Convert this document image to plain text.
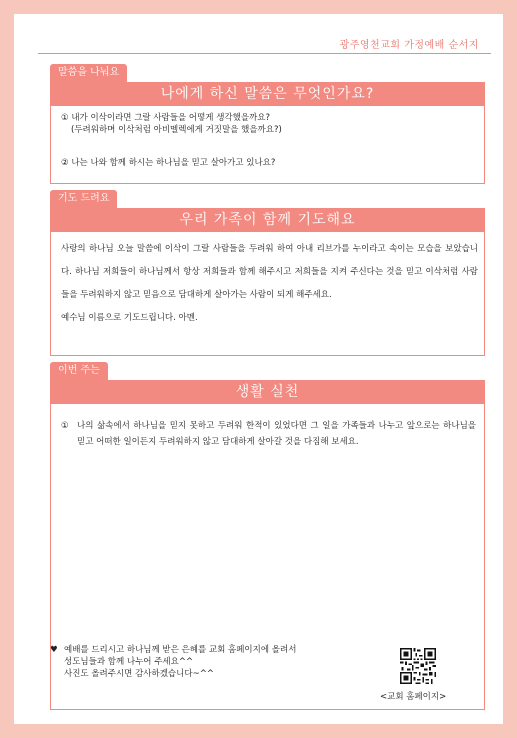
광주영천교회 가정예배 순서지
말씀을 나눠요
나에게 하신 말씀은 무엇인가요?
① 내가 이삭이라면 그랄 사람들을 어떻게 생각했을까요?
(두려워하며 이삭처럼 아비멜렉에게 거짓말을 했을까요?)
② 나는 나와 함께 하시는 하나님을 믿고 살아가고 있나요?
기도 드려요
우리 가족이 함께 기도해요
사랑의 하나님 오늘 말씀에 이삭이 그랄 사람들을 두려워 하여 아내 리브가를 누이라고 속이는 모습을 보았습니다. 하나님 저희들이 하나님께서 항상 저희들과 함께 해주시고 저희들을 지켜 주신다는 것을 믿고 이삭처럼 사람들을 두려워하지 않고 믿음으로 담대하게 살아가는 사람이 되게 해주세요.
예수님 이름으로 기도드립니다. 아멘.
이번 주는
생활 실천
① 나의 삶속에서 하나님을 믿지 못하고 두려워 한적이 있었다면 그 일을 가족들과 나누고 앞으로는 하나님을 믿고 어떠한 일이든지 두려워하지 않고 담대하게 살아갈 것을 다짐해 보세요.
♥ 예배를 드리시고 하나님께 받은 은혜를 교회 홈페이지에 올려서
성도님들과 함께 나누어 주세요^^
사진도 올려주시면 감사하겠습니다~^^
<교회 홈페이지>
